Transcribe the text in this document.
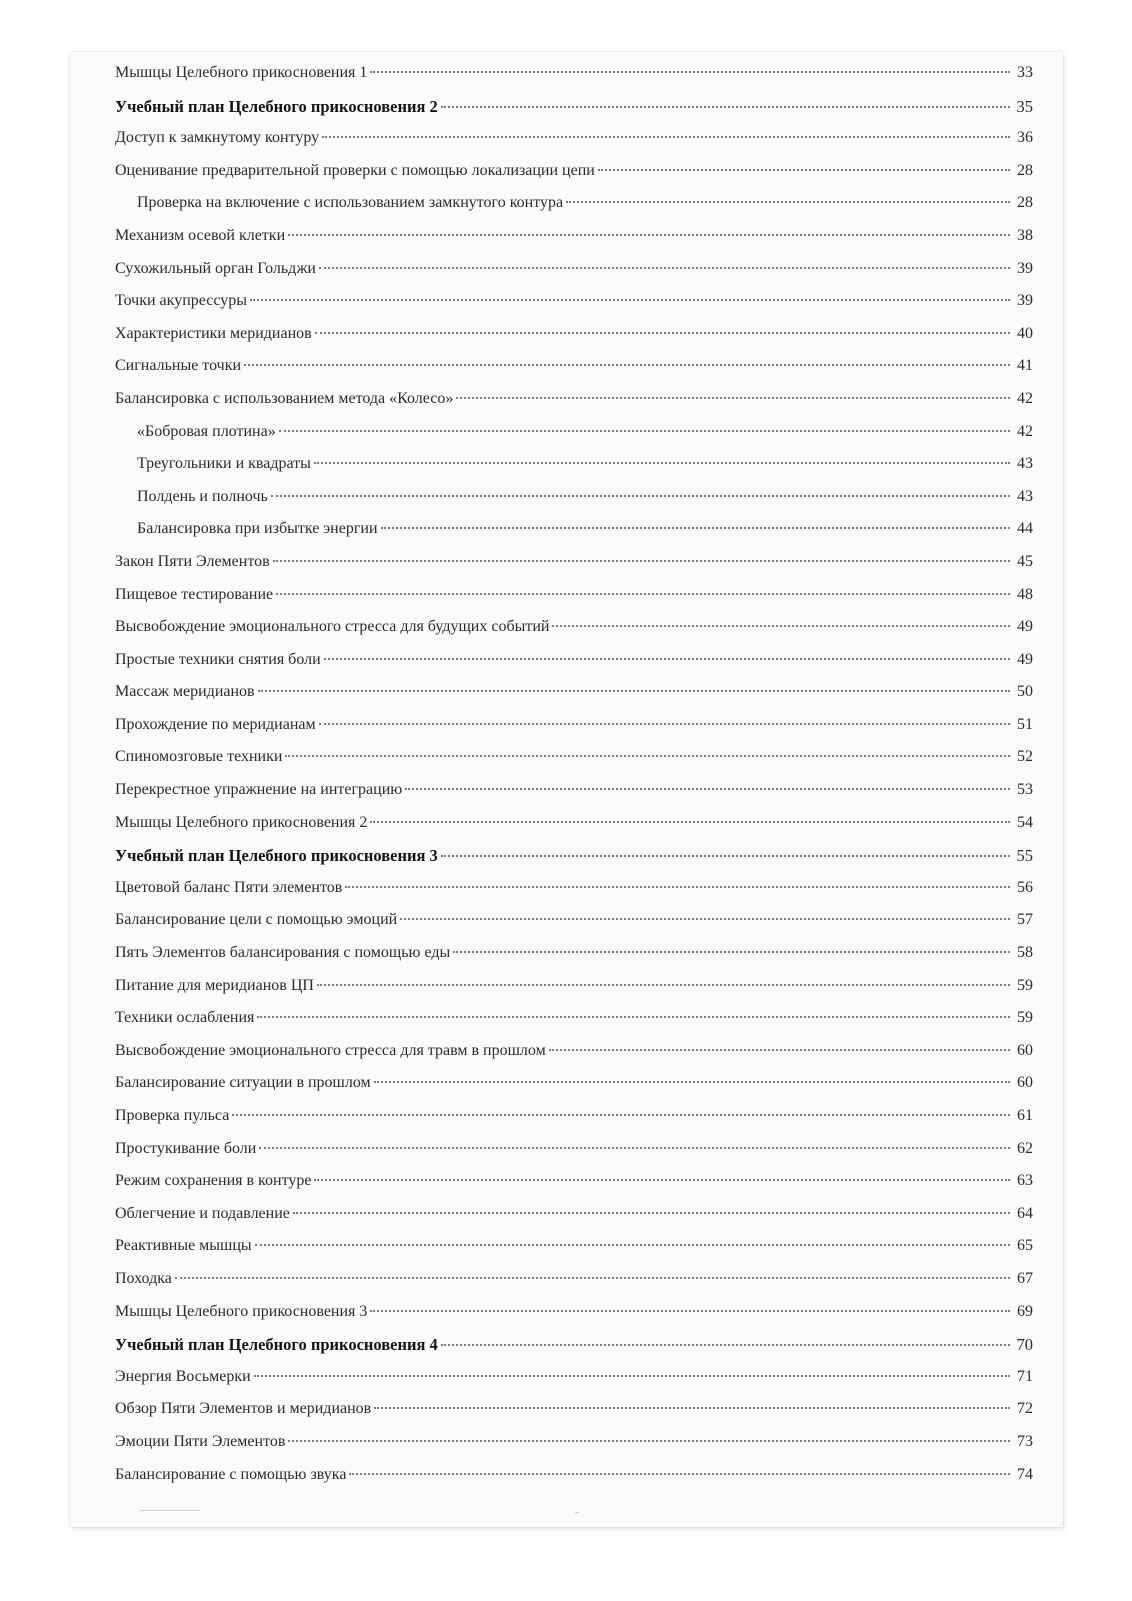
Мышцы Целебного прикосновения 1	33
Учебный план Целебного прикосновения 2	35
Доступ к замкнутому контуру	36
Оценивание предварительной проверки с помощью локализации цепи	28
Проверка на включение с использованием замкнутого контура	28
Механизм осевой клетки	38
Сухожильный орган Гольджи	39
Точки акупрессуры	39
Характеристики меридианов	40
Сигнальные точки	41
Балансировка с использованием метода «Колесо»	42
«Бобровая плотина»	42
Треугольники и квадраты	43
Полдень и полночь	43
Балансировка при избытке энергии	44
Закон Пяти Элементов	45
Пищевое тестирование	48
Высвобождение эмоционального стресса для будущих событий	49
Простые техники снятия боли	49
Массаж меридианов	50
Прохождение по меридианам	51
Спиномозговые техники	52
Перекрестное упражнение на интеграцию	53
Мышцы Целебного прикосновения 2	54
Учебный план Целебного прикосновения 3	55
Цветовой баланс Пяти элементов	56
Балансирование цели с помощью эмоций	57
Пять Элементов балансирования с помощью еды	58
Питание для меридианов ЦП	59
Техники ослабления	59
Высвобождение эмоционального стресса для травм в прошлом	60
Балансирование ситуации в прошлом	60
Проверка пульса	61
Простукивание боли	62
Режим сохранения в контуре	63
Облегчение и подавление	64
Реактивные мышцы	65
Походка	67
Мышцы Целебного прикосновения 3	69
Учебный план Целебного прикосновения 4	70
Энергия Восьмерки	71
Обзор Пяти Элементов и меридианов	72
Эмоции Пяти Элементов	73
Балансирование с помощью звука	74
